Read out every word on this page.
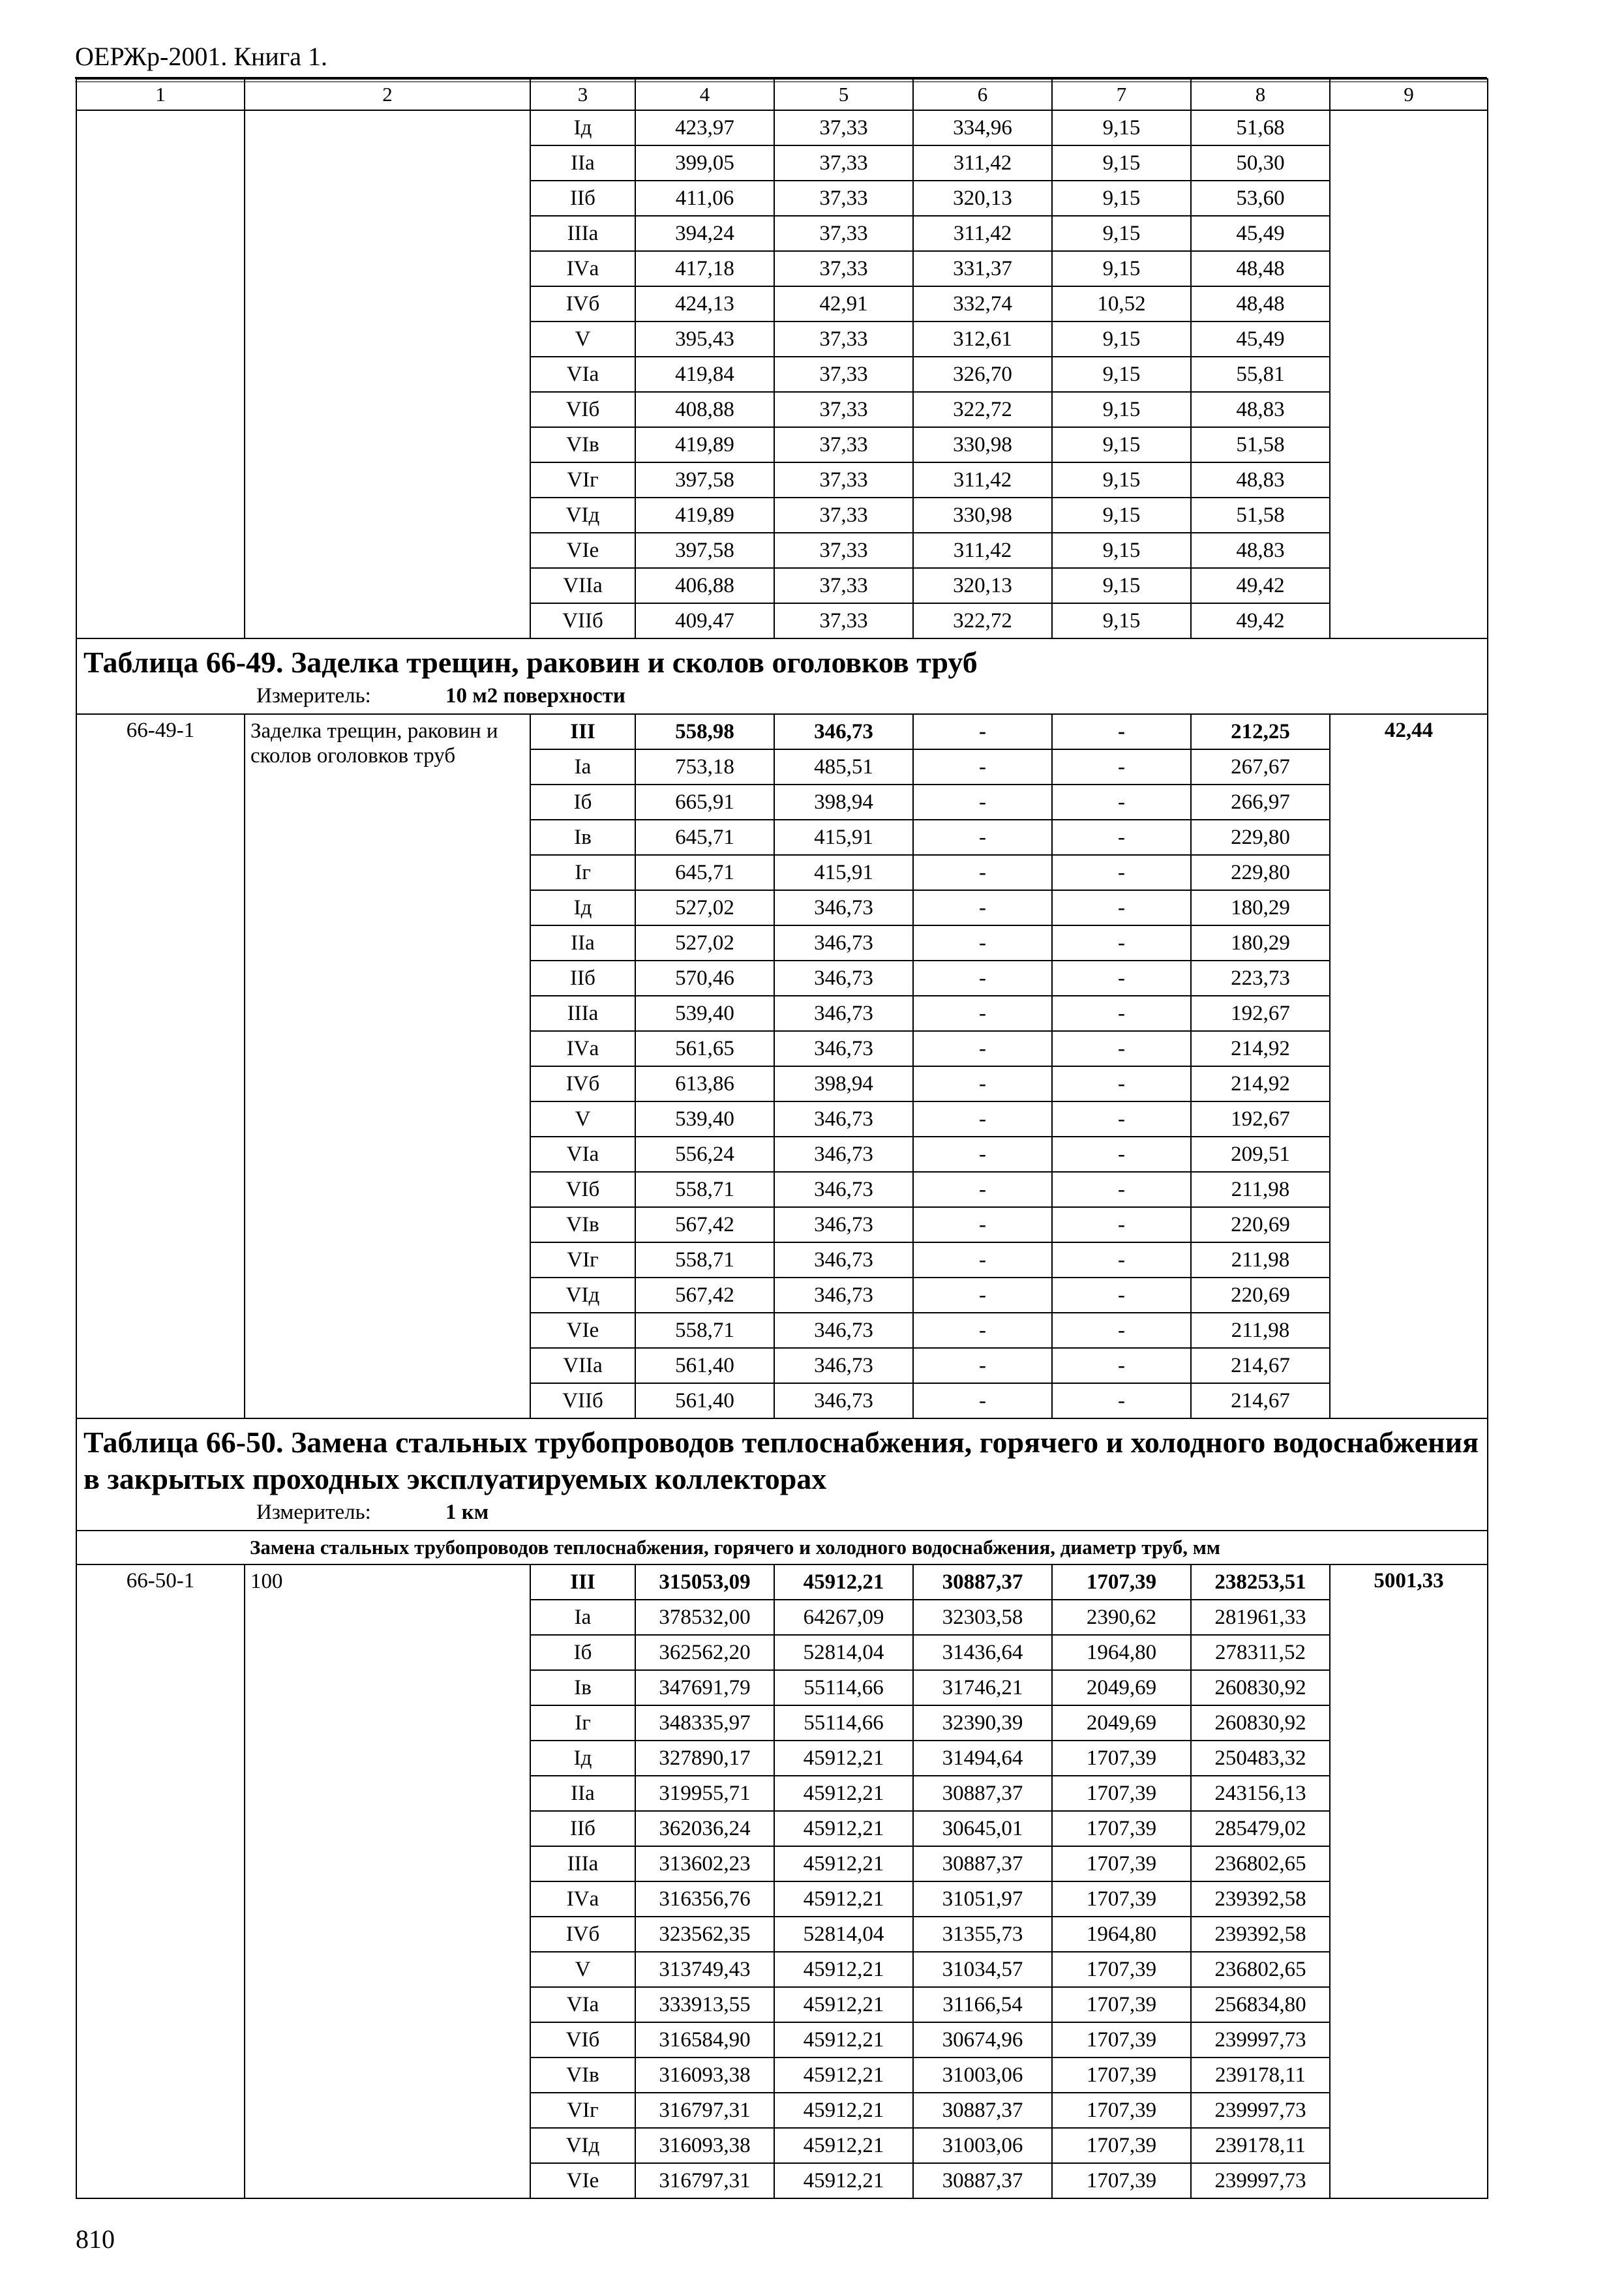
ОЕРЖр-2001. Книга 1.
1	2	3	4	5	6	7	8	9
		Iд	423,97	37,33	334,96	9,15	51,68	
		IIа	399,05	37,33	311,42	9,15	50,30	
		IIб	411,06	37,33	320,13	9,15	53,60	
		IIIа	394,24	37,33	311,42	9,15	45,49	
		IVа	417,18	37,33	331,37	9,15	48,48	
		IVб	424,13	42,91	332,74	10,52	48,48	
		V	395,43	37,33	312,61	9,15	45,49	
		VIа	419,84	37,33	326,70	9,15	55,81	
		VIб	408,88	37,33	322,72	9,15	48,83	
		VIв	419,89	37,33	330,98	9,15	51,58	
		VIг	397,58	37,33	311,42	9,15	48,83	
		VIд	419,89	37,33	330,98	9,15	51,58	
		VIе	397,58	37,33	311,42	9,15	48,83	
		VIIа	406,88	37,33	320,13	9,15	49,42	
		VIIб	409,47	37,33	322,72	9,15	49,42	
Таблица 66-49. Заделка трещин, раковин и сколов оголовков труб
Измеритель: 10 м2 поверхности								

66-49-1	Заделка трещин, раковин и сколов оголовков труб	III	558,98	346,73	-	-	212,25	42,44
		Iа	753,18	485,51	-	-	267,67	
		Iб	665,91	398,94	-	-	266,97	
		Iв	645,71	415,91	-	-	229,80	
		Iг	645,71	415,91	-	-	229,80	
		Iд	527,02	346,73	-	-	180,29	
		IIа	527,02	346,73	-	-	180,29	
		IIб	570,46	346,73	-	-	223,73	
		IIIа	539,40	346,73	-	-	192,67	
		IVа	561,65	346,73	-	-	214,92	
		IVб	613,86	398,94	-	-	214,92	
		V	539,40	346,73	-	-	192,67	
		VIа	556,24	346,73	-	-	209,51	
		VIб	558,71	346,73	-	-	211,98	
		VIв	567,42	346,73	-	-	220,69	
		VIг	558,71	346,73	-	-	211,98	
		VIд	567,42	346,73	-	-	220,69	
		VIе	558,71	346,73	-	-	211,98	
		VIIа	561,40	346,73	-	-	214,67	
		VIIб	561,40	346,73	-	-	214,67	
Таблица 66-50. Замена стальных трубопроводов теплоснабжения, горячего и холодного водоснабжения в закрытых проходных эксплуатируемых коллекторах
Измеритель: 1 км								

Замена стальных трубопроводов теплоснабжения, горячего и холодного водоснабжения, диаметр труб, мм								
66-50-1	100	III	315053,09	45912,21	30887,37	1707,39	238253,51	5001,33
		Iа	378532,00	64267,09	32303,58	2390,62	281961,33	
		Iб	362562,20	52814,04	31436,64	1964,80	278311,52	
		Iв	347691,79	55114,66	31746,21	2049,69	260830,92	
		Iг	348335,97	55114,66	32390,39	2049,69	260830,92	
		Iд	327890,17	45912,21	31494,64	1707,39	250483,32	
		IIа	319955,71	45912,21	30887,37	1707,39	243156,13	
		IIб	362036,24	45912,21	30645,01	1707,39	285479,02	
		IIIа	313602,23	45912,21	30887,37	1707,39	236802,65	
		IVа	316356,76	45912,21	31051,97	1707,39	239392,58	
		IVб	323562,35	52814,04	31355,73	1964,80	239392,58	
		V	313749,43	45912,21	31034,57	1707,39	236802,65	
		VIа	333913,55	45912,21	31166,54	1707,39	256834,80	
		VIб	316584,90	45912,21	30674,96	1707,39	239997,73	
		VIв	316093,38	45912,21	31003,06	1707,39	239178,11	
		VIг	316797,31	45912,21	30887,37	1707,39	239997,73	
		VIд	316093,38	45912,21	31003,06	1707,39	239178,11	
		VIе	316797,31	45912,21	30887,37	1707,39	239997,73	
810
